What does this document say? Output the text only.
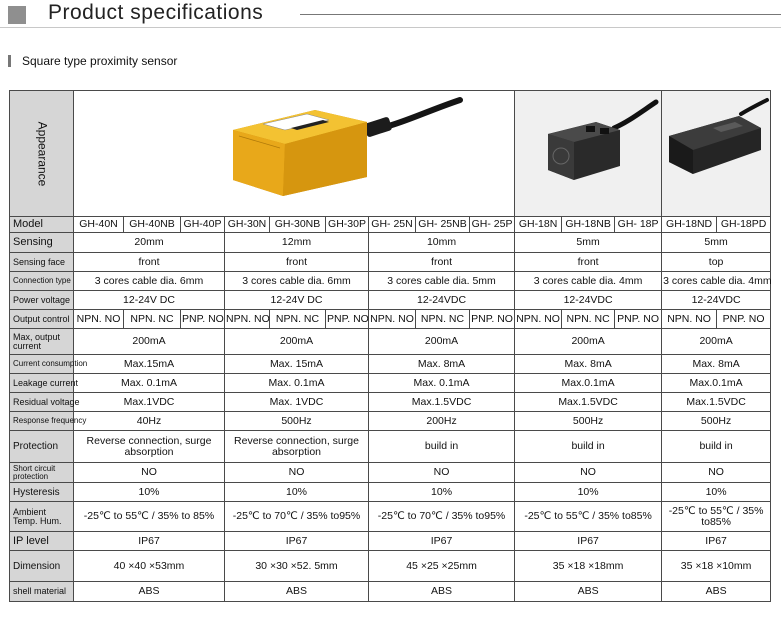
Product specifications
Square type proximity sensor
Appearance

Model	GH-40N	GH-40NB	GH-40P	GH-30N	GH-30NB	GH-30P	GH- 25N	GH- 25NB	GH- 25P	GH-18N	GH-18NB	GH- 18P	GH-18ND	GH-18PD
Sensing	20mm			12mm			10mm			5mm			5mm	
Sensing face	front			front			front			front			top	
Connection type	3 cores cable dia. 6mm			3 cores cable dia. 6mm			3 cores cable dia. 5mm			3 cores cable dia. 4mm			3 cores cable dia. 4mm	
Power voltage	12-24V DC			12-24V DC			12-24VDC			12-24VDC			12-24VDC	
Output control	NPN. NO	NPN. NC	PNP. NO	NPN. NO	NPN. NC	PNP. NO	NPN. NO	NPN. NC	PNP. NO	NPN. NO	NPN. NC	PNP. NO	NPN. NO	PNP. NO
Max, output current	200mA			200mA			200mA			200mA			200mA	
Current consumption	Max.15mA			Max. 15mA			Max. 8mA			Max. 8mA			Max. 8mA	
Leakage current	Max. 0.1mA			Max. 0.1mA			Max. 0.1mA			Max.0.1mA			Max.0.1mA	
Residual voltage	Max.1VDC			Max. 1VDC			Max.1.5VDC			Max.1.5VDC			Max.1.5VDC	
Response frequency	40Hz			500Hz			200Hz			500Hz			500Hz	
Protection	Reverse connection, surge absorption			Reverse connection, surge absorption			build in			build in			build in	
Short circuit protection	NO			NO			NO			NO			NO	
Hysteresis	10%			10%			10%			10%			10%	
Ambient Temp. Hum.	-25℃ to 55℃ / 35% to 85%			-25℃ to 70℃ / 35% to95%			-25℃ to 70℃ / 35% to95%			-25℃ to 55℃ / 35% to85%			-25℃ to 55℃ / 35% to85%	
IP level	IP67			IP67			IP67			IP67			IP67	
Dimension	40 ×40 ×53mm			30 ×30 ×52. 5mm			45 ×25 ×25mm			35 ×18 ×18mm			35 ×18 ×10mm	
shell material	ABS			ABS			ABS			ABS			ABS	
